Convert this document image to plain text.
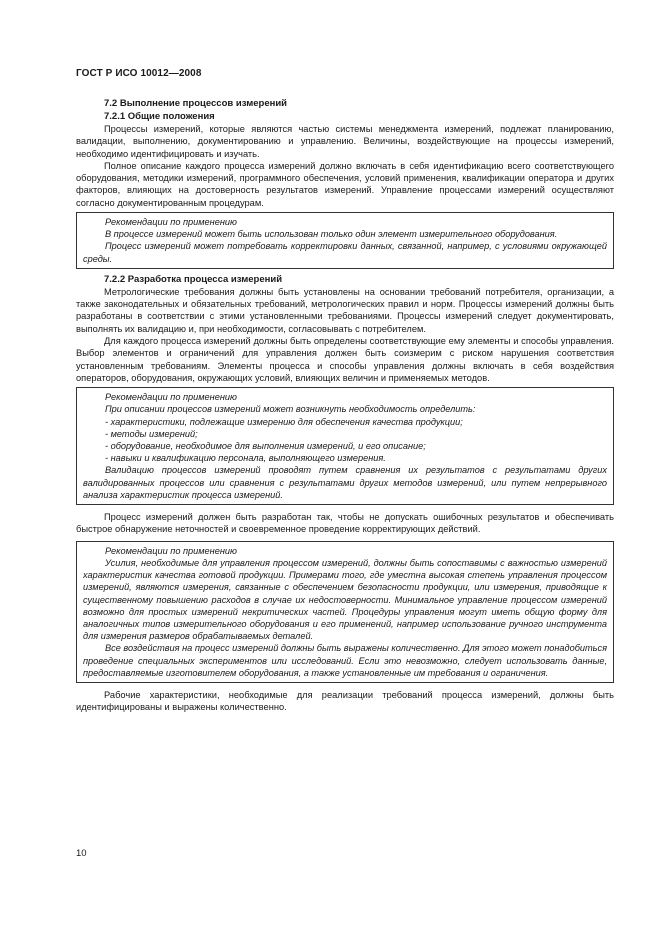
ГОСТ Р ИСО 10012—2008

7.2 Выполнение процессов измерений

7.2.1 Общие положения

Процессы измерений, которые являются частью системы менеджмента измерений, подлежат планированию, валидации, выполнению, документированию и управлению. Величины, воздействующие на процессы измерений, необходимо идентифицировать и изучать.

Полное описание каждого процесса измерений должно включать в себя идентификацию всего соответствующего оборудования, методики измерений, программного обеспечения, условий применения, квалификации оператора и других факторов, влияющих на достоверность результатов измерений. Управление процессами измерений осуществляют согласно документированным процедурам.

Рекомендации по применению

В процессе измерений может быть использован только один элемент измерительного оборудования.

Процесс измерений может потребовать корректировки данных, связанной, например, с условиями окружающей среды.

7.2.2 Разработка процесса измерений

Метрологические требования должны быть установлены на основании требований потребителя, организации, а также законодательных и обязательных требований, метрологических правил и норм. Процессы измерений должны быть разработаны в соответствии с этими установленными требованиями. Процессы измерений следует документировать, выполнять их валидацию и, при необходимости, согласовывать с потребителем.

Для каждого процесса измерений должны быть определены соответствующие ему элементы и способы управления. Выбор элементов и ограничений для управления должен быть соизмерим с риском нарушения соответствия установленным требованиям. Элементы процесса и способы управления должны включать в себя воздействия операторов, оборудования, окружающих условий, влияющих величин и применяемых методов.

Рекомендации по применению

При описании процессов измерений может возникнуть необходимость определить:

- характеристики, подлежащие измерению для обеспечения качества продукции;

- методы измерений;

- оборудование, необходимое для выполнения измерений, и его описание;

- навыки и квалификацию персонала, выполняющего измерения.

Валидацию процессов измерений проводят путем сравнения их результатов с результатами других валидированных процессов или сравнения с результатами других методов измерений, или путем непрерывного анализа характеристик процесса измерений.

Процесс измерений должен быть разработан так, чтобы не допускать ошибочных результатов и обеспечивать быстрое обнаружение неточностей и своевременное проведение корректирующих действий.

Рекомендации по применению

Усилия, необходимые для управления процессом измерений, должны быть сопоставимы с важностью измерений характеристик качества готовой продукции. Примерами того, где уместна высокая степень управления процессом измерений, являются измерения, связанные с обеспечением безопасности продукции, или измерения, приводящие к существенному повышению расходов в случае их недостоверности. Минимальное управление процессом измерений возможно для простых измерений некритических частей. Процедуры управления могут иметь общую форму для аналогичных типов измерительного оборудования и его применений, например использование ручного инструмента для измерения размеров обрабатываемых деталей.

Все воздействия на процесс измерений должны быть выражены количественно. Для этого может понадобиться проведение специальных экспериментов или исследований. Если это невозможно, следует использовать данные, предоставляемые изготовителем оборудования, а также установленные им требования и ограничения.

Рабочие характеристики, необходимые для реализации требований процесса измерений, должны быть идентифицированы и выражены количественно.

10
